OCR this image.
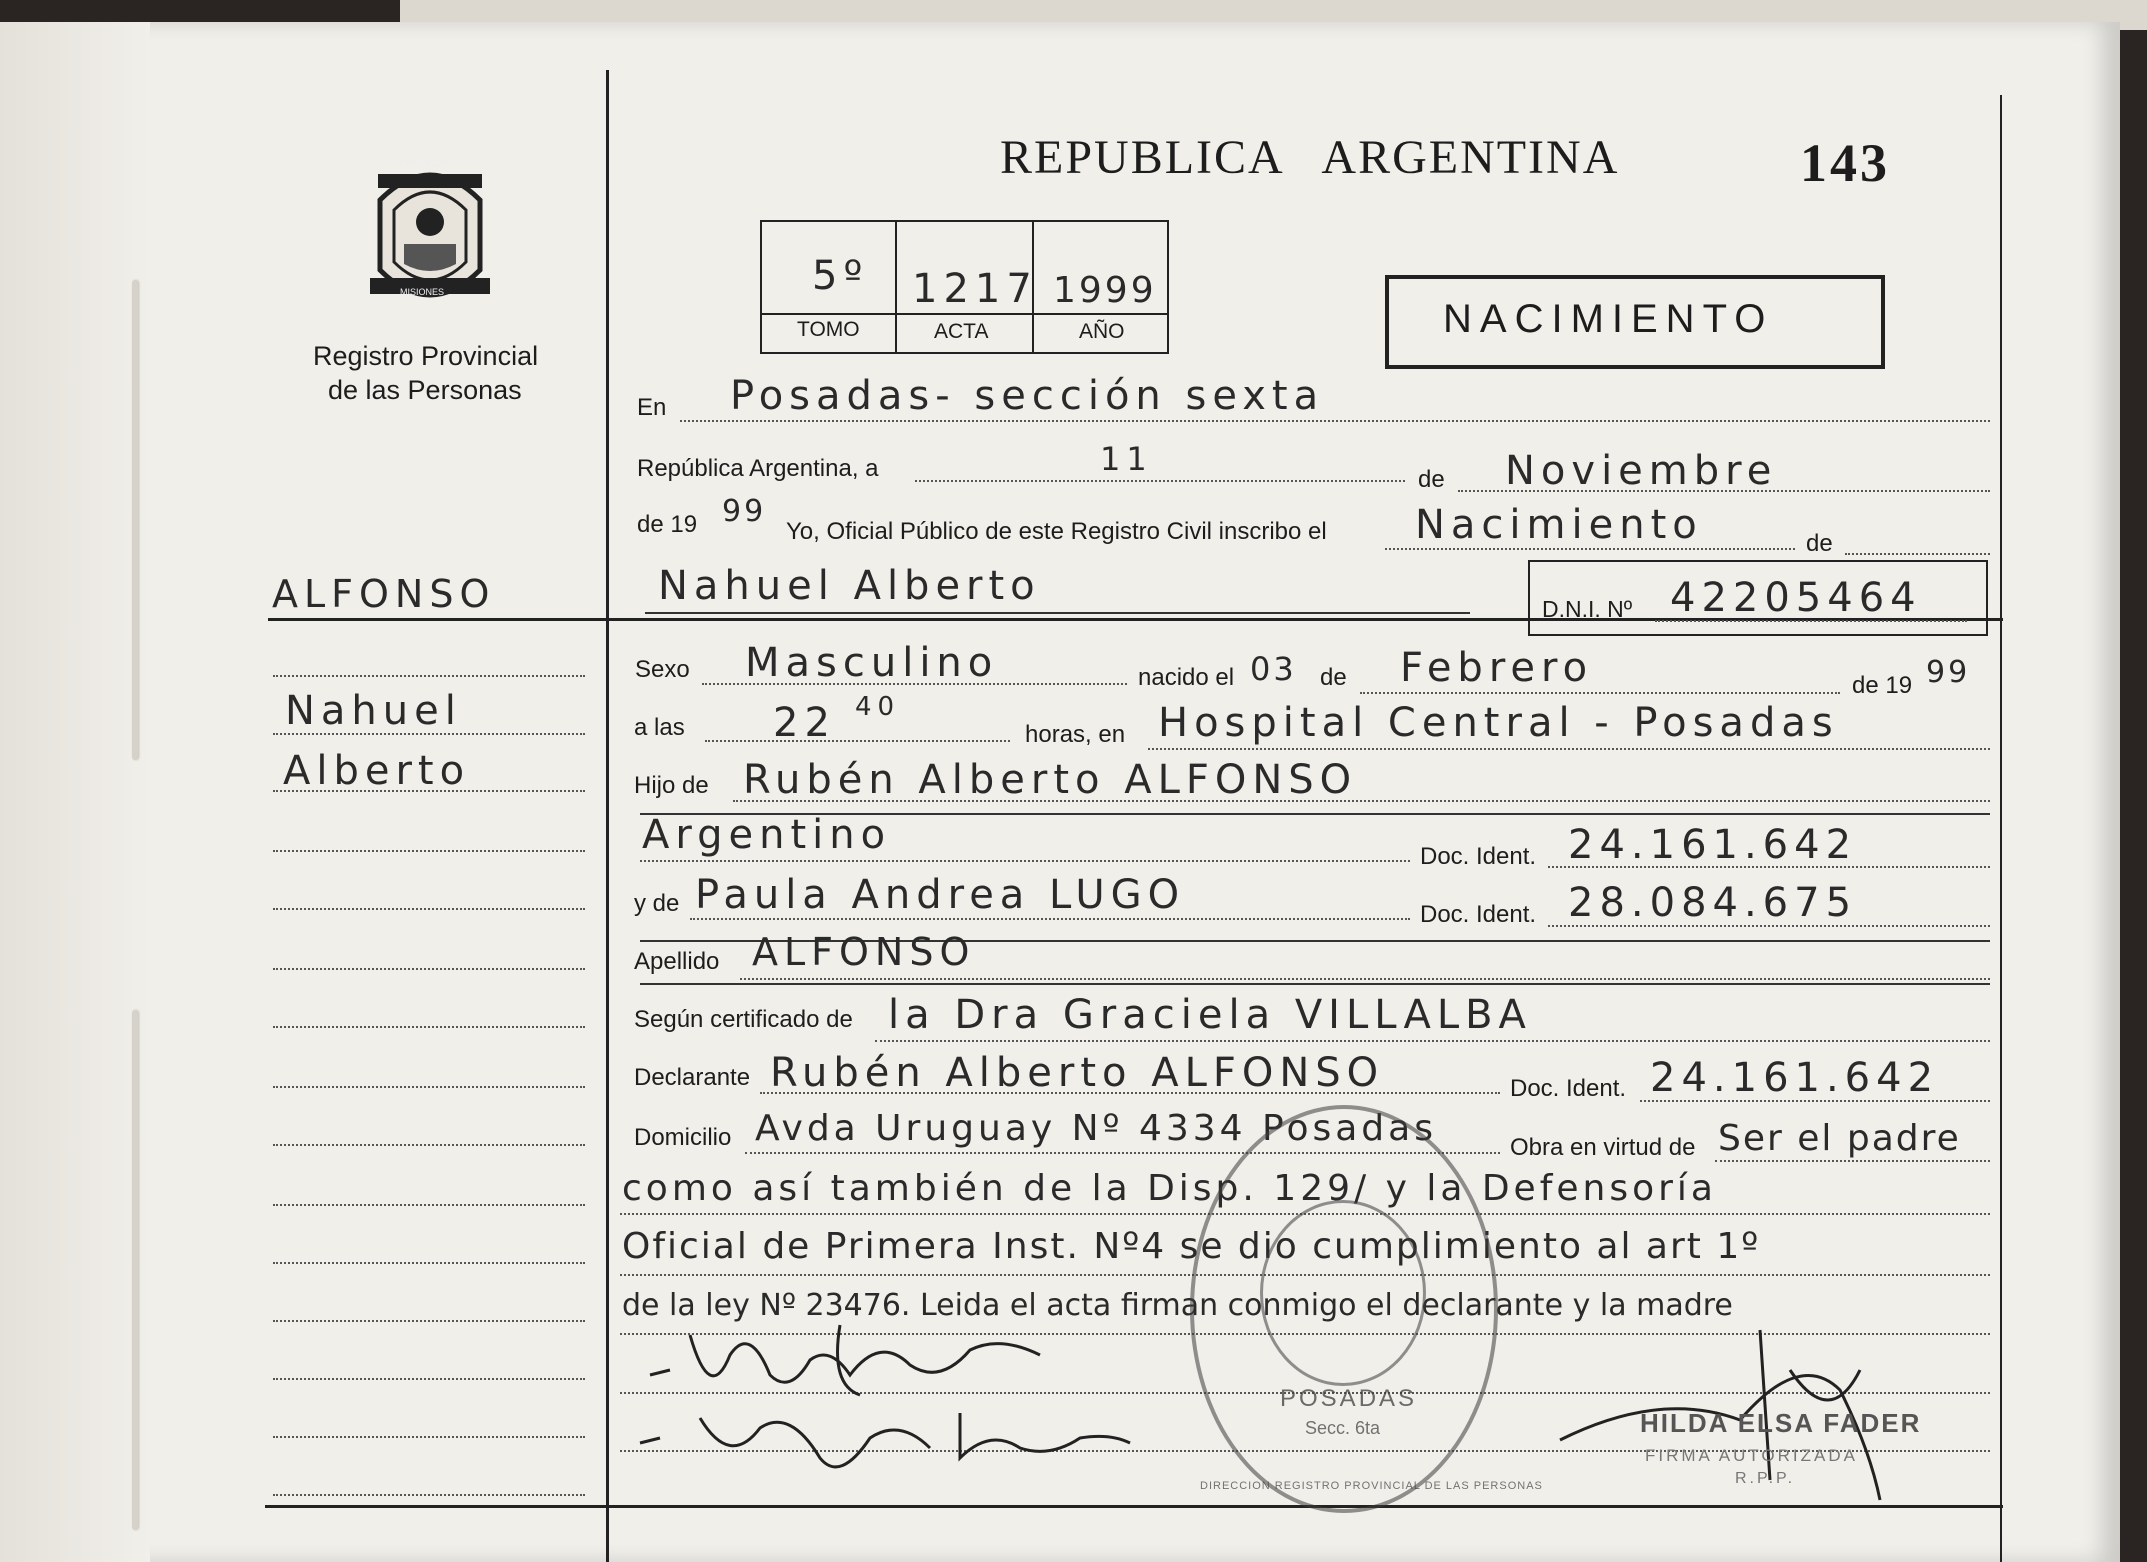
PROVINCIA
MISIONES
Registro Provincial
de las Personas
REPUBLICA   ARGENTINA	143
5º 1217 1999
TOMO	ACTA	AÑO	NACIMIENTO
En Posadas- sección sexta
República Argentina, a	11
de Noviembre
de 19 99
Yo, Oficial Público de este Registro Civil inscribo el Nacimiento	de
Nahuel Alberto	D.N.I. Nº 42205464
ALFONSO
Nahuel
Alberto
Sexo Masculino	nacido el 03 de Febrero	de 19 99
a las 22 40
horas, en Hospital Central - Posadas
Hijo de Rubén Alberto ALFONSO
Argentino	Doc. Ident. 24.161.642
y de Paula Andrea LUGO	Doc. Ident. 28.084.675
Apellido ALFONSO
Según certificado de la Dra Graciela VILLALBA
Declarante Rubén Alberto ALFONSO	Doc. Ident. 24.161.642
Domicilio Avda Uruguay Nº 4334 Posadas	Obra en virtud de Ser el padre
como así también de la Disp. 129/ y la Defensoría
Oficial de Primera Inst. Nº4 se dio cumplimiento al art 1º
de la ley Nº 23476. Leida el acta firman conmigo el declarante y la madre
DIRECCION REGISTRO PROVINCIAL DE LAS PERSONAS
POSADAS
Secc. 6ta	HILDA ELSA FADER
FIRMA AUTORIZADA
R.P.P.
